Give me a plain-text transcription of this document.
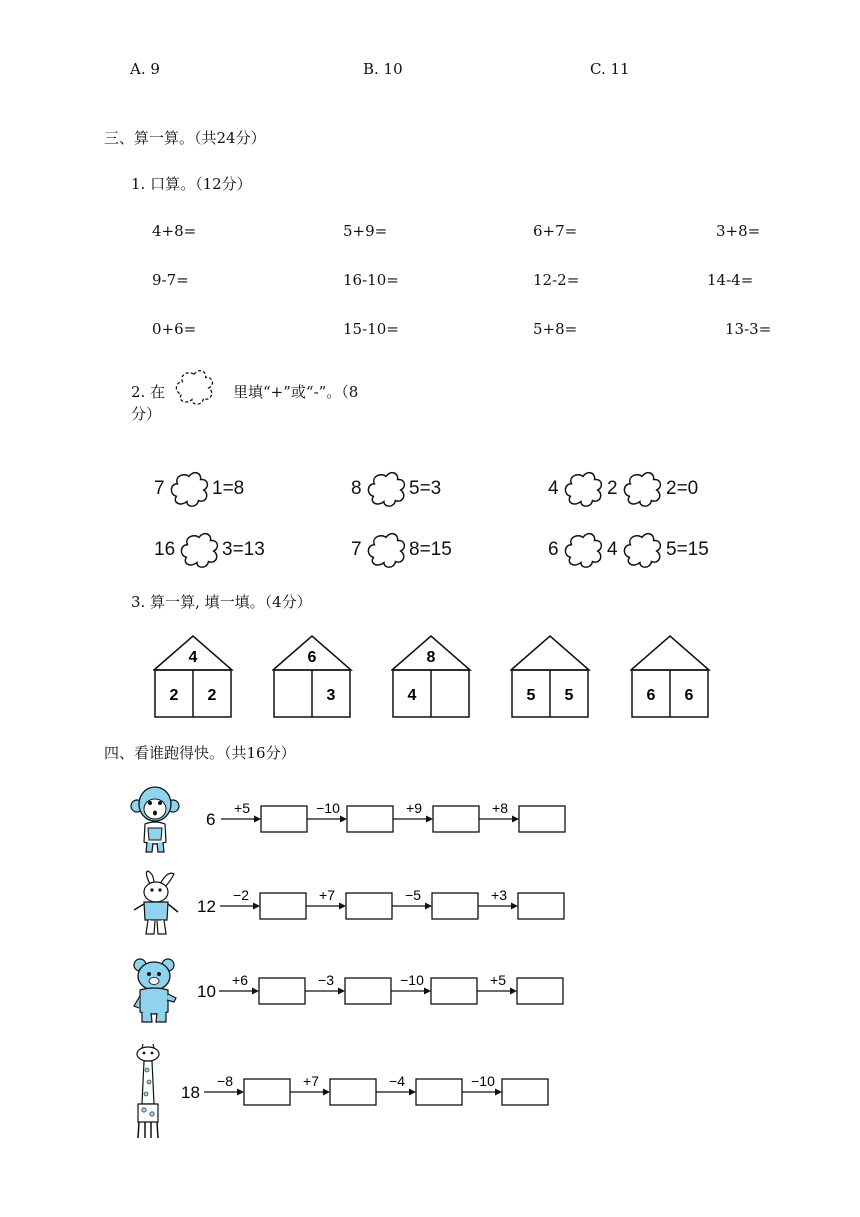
A. 9	B. 10	C. 11
三、算一算。（共24分）
1. 口算。（12分）
4+8=	5+9=	6+7=	3+8=
9-7=	16-10=	12-2=	14-4=
0+6=	15-10=	5+8=	13-3=
2. 在	里填“+”或“-”。（8
分）
7 1=8	8 5=3	4	2	2=0
16 3=13	7 8=15	6	4	5=15
3. 算一算, 填一填。（4分）
4
2 2
6
3
8
4	5 5	6 6
四、看谁跑得快。（共16分）
6
+5	−10	+9	+8
12
−2	+7	−5	+3
10
+6	−3	−10	+5
18
−8	+7	−4	−10
